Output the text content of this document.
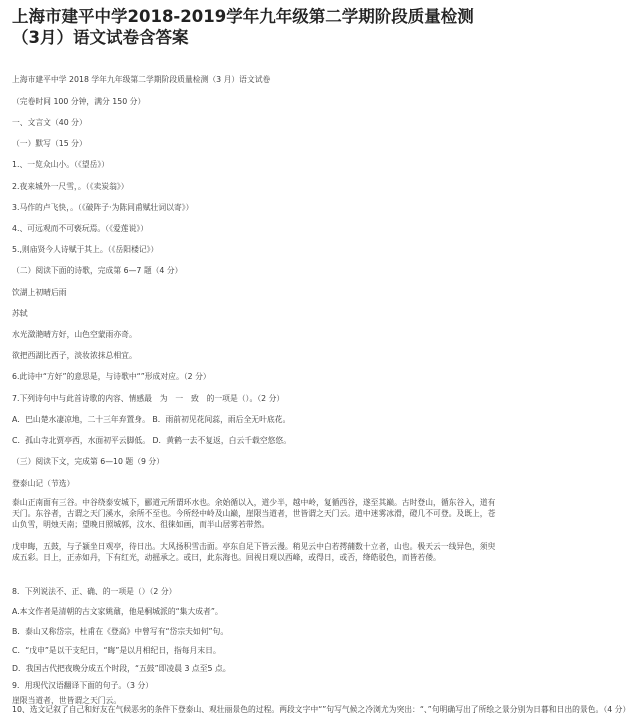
上海市建平中学2018-2019学年九年级第二学期阶段质量检测（3月）语文试卷含答案
上海市建平中学 2018 学年九年级第二学期阶段质量检测（3 月）语文试卷
（完卷时间 100 分钟，满分 150 分）
一、文言文（40 分）
（一）默写（15 分）
1.、一览众山小。（《望岳》）
2.夜来城外一尺雪，。（《卖炭翁》）
3.马作的卢飞快，。（《破阵子·为陈同甫赋壮词以寄》）
4.、可远观而不可亵玩焉。（《爱莲说》）
5.,则庙贤今人诗赋于其上。（《岳阳楼记》）
（二）阅读下面的诗歌，完成第 6—7 题（4 分）
饮湖上初晴后雨
苏轼
水光潋滟晴方好，山色空蒙雨亦奇。
欲把西湖比西子，淡妆浓抹总相宜。
6.此诗中“方好”的意思是，与诗歌中“”形成对应。（2 分）
7.下列诗句中与此首诗歌的内容、情感最　为　一　致　的一项是（）。（2 分）
A．巴山楚水凄凉地，二十三年弃置身。 B．雨前初见花间蕊，雨后全无叶底花。
C．孤山寺北贾亭西，水面初平云脚低。 D．黄鹤一去不复返，白云千载空悠悠。
（三）阅读下文，完成第 6—10 题（9 分）
登泰山记（节选）
泰山正南面有三谷。中谷绕泰安城下，郦道元所谓环水也。余始循以入，道少半，越中岭，复循西谷，遂至其巅。古时登山，循东谷入，道有天门。东谷者，古谓之天门溪水，余所不至也。今所经中岭及山巅，崖限当道者，世皆谓之天门云。道中迷雾冰滑，磴几不可登。及既上，苍山负雪，明烛天南；望晚日照城郭，汶水、徂徕如画，而半山居雾若带然。
戊申晦，五鼓，与子颍坐日观亭，待日出。大风扬积雪击面。亭东自足下皆云漫。稍见云中白若摴蒱数十立者，山也。极天云一线异色，须臾成五彩。日上，正赤如丹，下有红光，动摇承之。或曰，此东海也。回视日观以西峰，或得日，或否，绛皓驳色，而皆若偻。
8．下列说法不、正、确、的一项是（）（2 分）
A.本文作者是清朝的古文家姚鼐，他是桐城派的“集大成者”。
B．泰山又称岱宗，杜甫在《登高》中曾写有“岱宗夫如何”句。
C．“戊申”是以干支纪日，“晦”是以月相纪日，指每月末日。
D．我国古代把夜晚分成五个时段，“五鼓”即凌晨 3 点至5 点。
9．用现代汉语翻译下面的句子。（3 分）
崖限当道者，世皆谓之天门云。
10、选文记叙了自己和好友在气候恶劣的条件下登泰山、观壮丽景色的过程。两段文字中“”句写气候之冷浏尤为突出：“、”句明确写出了所绘之景分别为日暮和日出的景色。（4 分）
